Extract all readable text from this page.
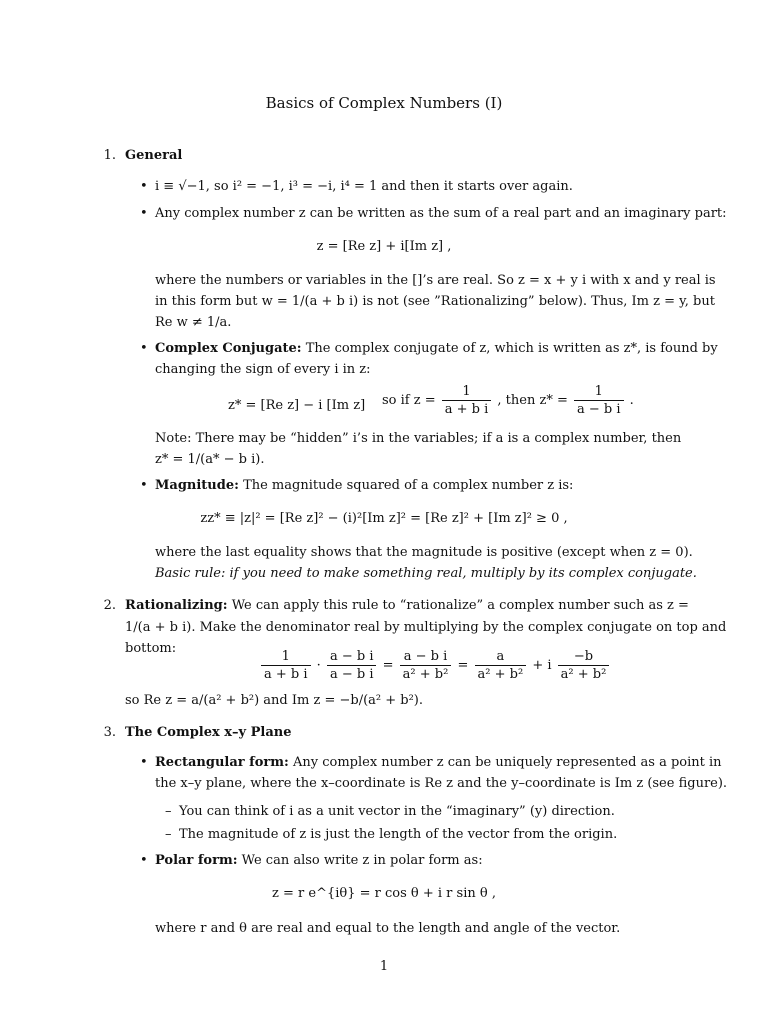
Basics of Complex Numbers (I)
1. General
• i ≡ √−1, so i² = −1, i³ = −i, i⁴ = 1 and then it starts over again.
• Any complex number z can be written as the sum of a real part and an imaginary part:
z = [Re z] + i[Im z] ,
where the numbers or variables in the []’s are real. So z = x + y i with x and y real is
in this form but w = 1/(a + b i) is not (see ”Rationalizing” below). Thus, Im z = y, but
Re w ≠ 1/a.
• Complex Conjugate: The complex conjugate of z, which is written as z*, is found by
changing the sign of every i in z:
z* = [Re z] − i [Im z] so if $z = \frac{1}{\text{a + b i}}$ , then $z* = \frac{1}{\text{a − b i}}$ .
Note: There may be “hidden” i’s in the variables; if a is a complex number, then
z* = 1/(a* − b i).
• Magnitude: The magnitude squared of a complex number z is:
zz* ≡ |z|² = [Re z]² − (i)²[Im z]² = [Re z]² + [Im z]² ≥ 0 ,
where the last equality shows that the magnitude is positive (except when z = 0).
Basic rule: if you need to make something real, multiply by its complex conjugate.
2. Rationalizing: We can apply this rule to “rationalize” a complex number such as z =
1/(a + b i). Make the denominator real by multiplying by the complex conjugate on top and
bottom:	$\frac{1}{\text{a + b i}} \cdot \frac{\text{a − b i}}{\text{a − b i}} = \frac{\text{a − b i}}{\text{a² + b²}} = \frac{a}{\text{a² + b²}} + i \frac{-b}{\text{a² + b²}}$
so Re z = a/(a² + b²) and Im z = −b/(a² + b²).
3. The Complex x–y Plane
• Rectangular form: Any complex number z can be uniquely represented as a point in
the x–y plane, where the x–coordinate is Re z and the y–coordinate is Im z (see figure).
– You can think of i as a unit vector in the “imaginary” (y) direction.
– The magnitude of z is just the length of the vector from the origin.
• Polar form: We can also write z in polar form as:
z = r e^{iθ} = r cos θ + i r sin θ ,
where r and θ are real and equal to the length and angle of the vector.
1
